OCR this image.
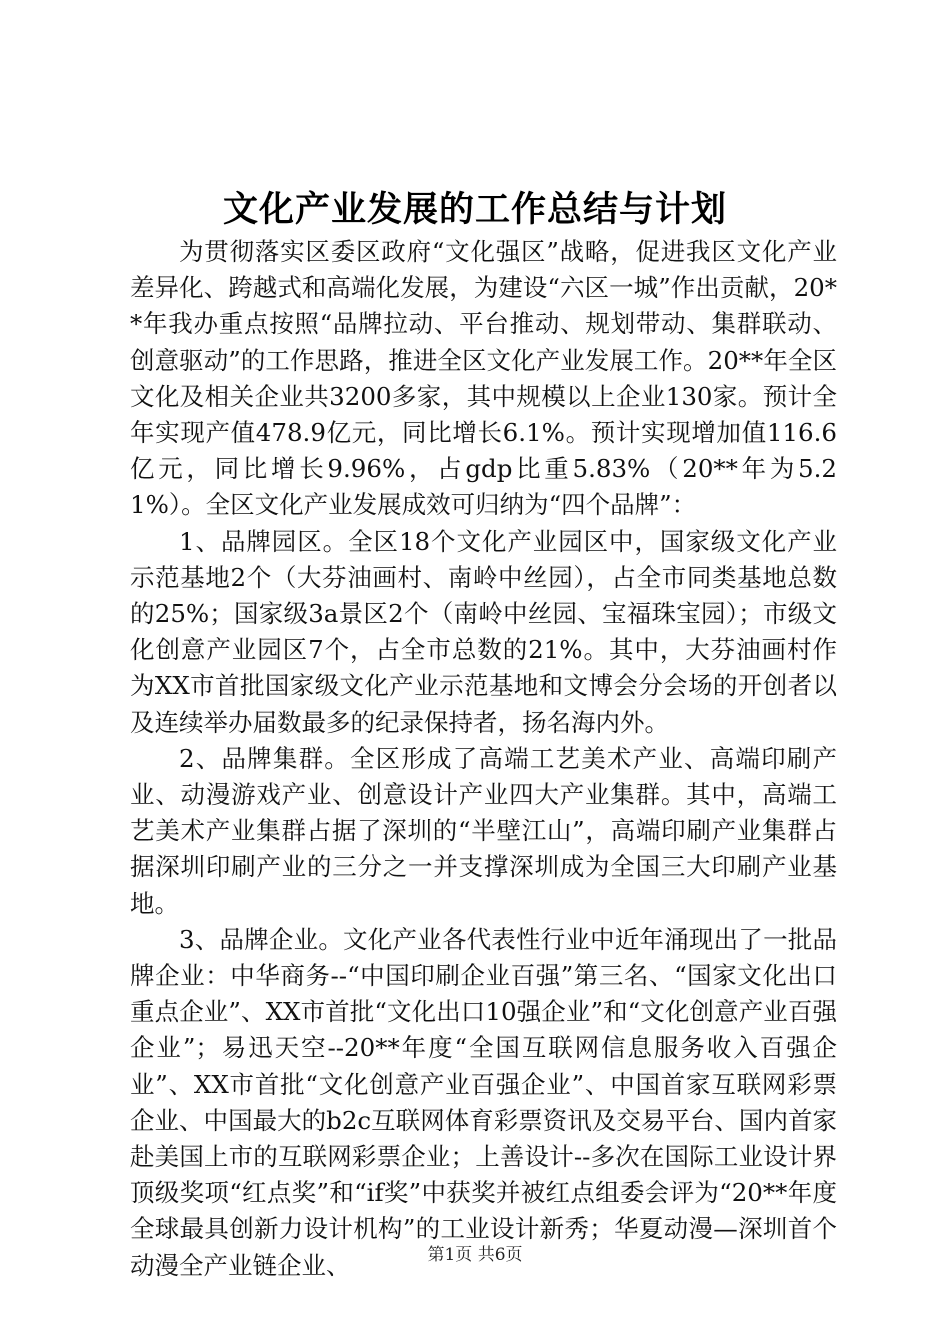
文化产业发展的工作总结与计划

为贯彻落实区委区政府“文化强区”战略，促进我区文化产业差异化、跨越式和高端化发展，为建设“六区一城”作出贡献，20**年我办重点按照“品牌拉动、平台推动、规划带动、集群联动、创意驱动”的工作思路，推进全区文化产业发展工作。20**年全区文化及相关企业共3200多家，其中规模以上企业130家。预计全年实现产值478.9亿元，同比增长6.1%。预计实现增加值116.6亿元，同比增长9.96%，占gdp比重5.83%（20**年为5.21%）。全区文化产业发展成效可归纳为“四个品牌”：

1、品牌园区。全区18个文化产业园区中，国家级文化产业示范基地2个（大芬油画村、南岭中丝园），占全市同类基地总数的25%；国家级3a景区2个（南岭中丝园、宝福珠宝园）；市级文化创意产业园区7个，占全市总数的21%。其中，大芬油画村作为XX市首批国家级文化产业示范基地和文博会分会场的开创者以及连续举办届数最多的纪录保持者，扬名海内外。

2、品牌集群。全区形成了高端工艺美术产业、高端印刷产业、动漫游戏产业、创意设计产业四大产业集群。其中，高端工艺美术产业集群占据了深圳的“半壁江山”，高端印刷产业集群占据深圳印刷产业的三分之一并支撑深圳成为全国三大印刷产业基地。

3、品牌企业。文化产业各代表性行业中近年涌现出了一批品牌企业：中华商务--“中国印刷企业百强”第三名、“国家文化出口重点企业”、XX市首批“文化出口10强企业”和“文化创意产业百强企业”；易迅天空--20**年度“全国互联网信息服务收入百强企业”、XX市首批“文化创意产业百强企业”、中国首家互联网彩票企业、中国最大的b2c互联网体育彩票资讯及交易平台、国内首家赴美国上市的互联网彩票企业；上善设计--多次在国际工业设计界顶级奖项“红点奖”和“if奖”中获奖并被红点组委会评为“20**年度全球最具创新力设计机构”的工业设计新秀；华夏动漫—深圳首个动漫全产业链企业、	第1页 共6页
